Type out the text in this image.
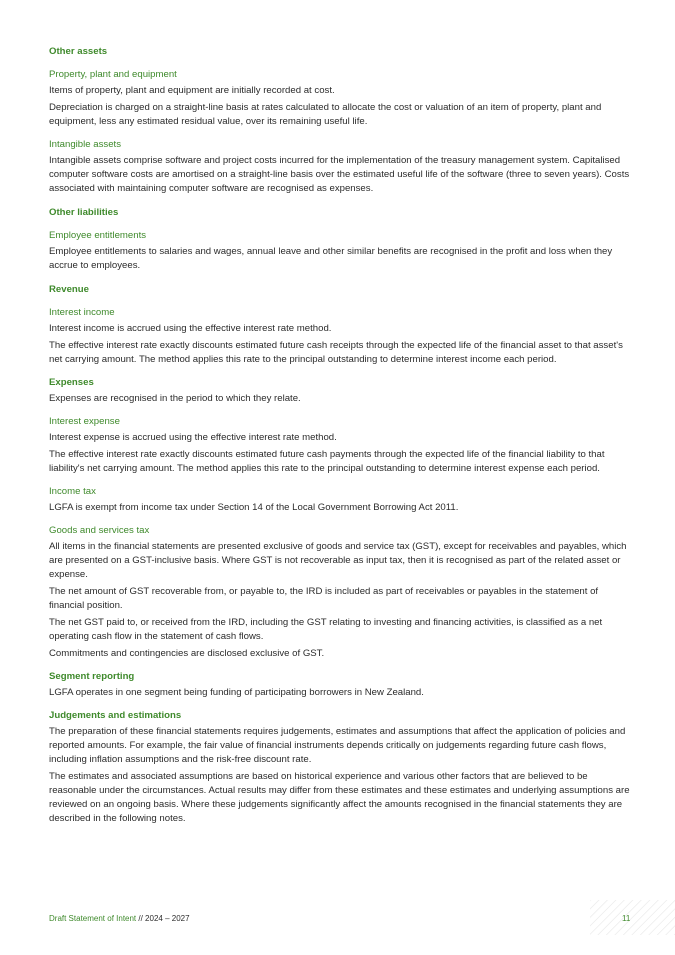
Other assets

Property, plant and equipment

Items of property, plant and equipment are initially recorded at cost.

Depreciation is charged on a straight-line basis at rates calculated to allocate the cost or valuation of an item of property, plant and equipment, less any estimated residual value, over its remaining useful life.

Intangible assets

Intangible assets comprise software and project costs incurred for the implementation of the treasury management system. Capitalised computer software costs are amortised on a straight-line basis over the estimated useful life of the software (three to seven years). Costs associated with maintaining computer software are recognised as expenses.

Other liabilities

Employee entitlements

Employee entitlements to salaries and wages, annual leave and other similar benefits are recognised in the profit and loss when they accrue to employees.

Revenue

Interest income

Interest income is accrued using the effective interest rate method.

The effective interest rate exactly discounts estimated future cash receipts through the expected life of the financial asset to that asset's net carrying amount. The method applies this rate to the principal outstanding to determine interest income each period.

Expenses

Expenses are recognised in the period to which they relate.

Interest expense

Interest expense is accrued using the effective interest rate method.

The effective interest rate exactly discounts estimated future cash payments through the expected life of the financial liability to that liability's net carrying amount. The method applies this rate to the principal outstanding to determine interest expense each period.

Income tax

LGFA is exempt from income tax under Section 14 of the Local Government Borrowing Act 2011.

Goods and services tax

All items in the financial statements are presented exclusive of goods and service tax (GST), except for receivables and payables, which are presented on a GST-inclusive basis. Where GST is not recoverable as input tax, then it is recognised as part of the related asset or expense.

The net amount of GST recoverable from, or payable to, the IRD is included as part of receivables or payables in the statement of financial position.

The net GST paid to, or received from the IRD, including the GST relating to investing and financing activities, is classified as a net operating cash flow in the statement of cash flows.

Commitments and contingencies are disclosed exclusive of GST.

Segment reporting

LGFA operates in one segment being funding of participating borrowers in New Zealand.

Judgements and estimations

The preparation of these financial statements requires judgements, estimates and assumptions that affect the application of policies and reported amounts. For example, the fair value of financial instruments depends critically on judgements regarding future cash flows, including inflation assumptions and the risk-free discount rate.

The estimates and associated assumptions are based on historical experience and various other factors that are believed to be reasonable under the circumstances. Actual results may differ from these estimates and these estimates and underlying assumptions are reviewed on an ongoing basis. Where these judgements significantly affect the amounts recognised in the financial statements they are described in the following notes.

Draft Statement of Intent // 2024 – 2027	11
